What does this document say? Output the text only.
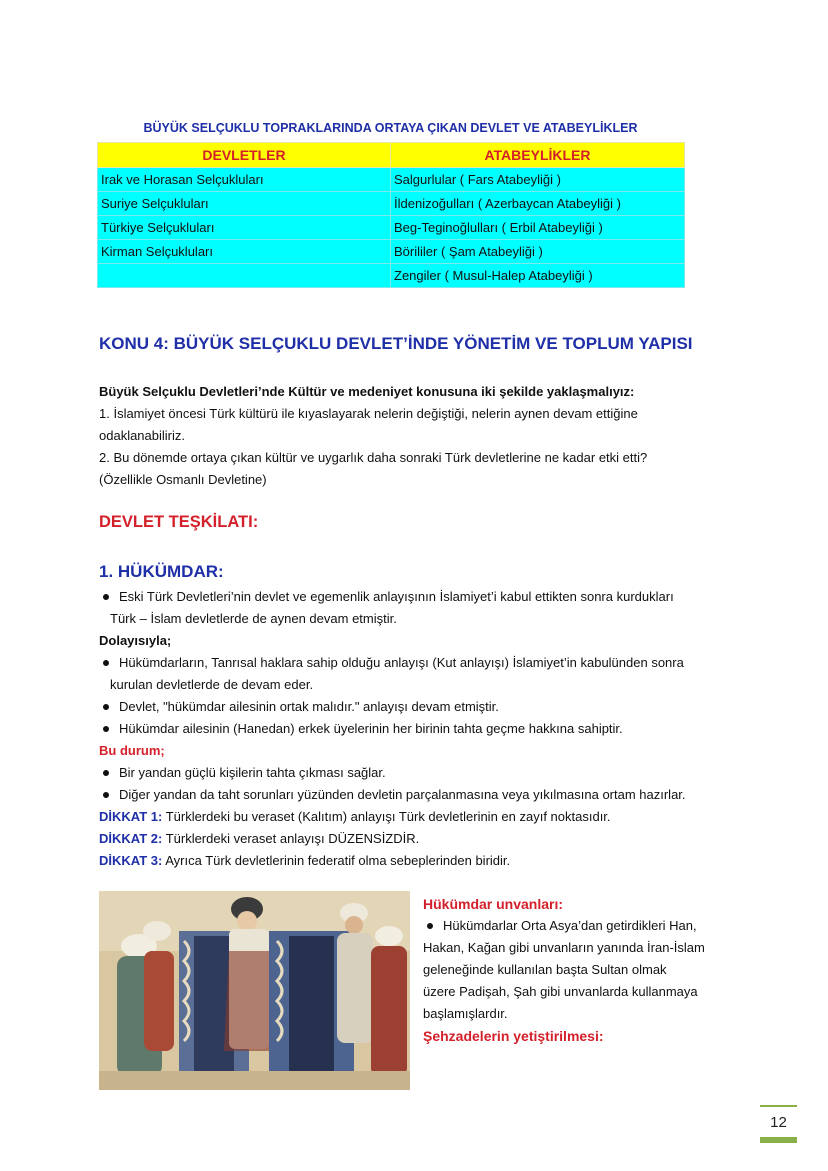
BÜYÜK SELÇUKLU TOPRAKLARINDA ORTAYA ÇIKAN DEVLET VE ATABEYLİKLER
DEVLETLER	ATABEYLİKLER
Irak ve Horasan Selçukluları	Salgurlular ( Fars Atabeyliği )
Suriye Selçukluları	İldenizoğulları ( Azerbaycan Atabeyliği )
Türkiye Selçukluları	Beg-Teginoğlulları ( Erbil Atabeyliği )
Kirman Selçukluları	Börililer ( Şam Atabeyliği )
	Zengiler ( Musul-Halep Atabeyliği )
KONU 4: BÜYÜK SELÇUKLU DEVLET’İNDE YÖNETİM VE TOPLUM YAPISI
Büyük Selçuklu Devletleri’nde Kültür ve medeniyet konusuna iki şekilde yaklaşmalıyız:
1. İslamiyet öncesi Türk kültürü ile kıyaslayarak nelerin değiştiği, nelerin aynen devam ettiğine
odaklanabiliriz.
2. Bu dönemde ortaya çıkan kültür ve uygarlık daha sonraki Türk devletlerine ne kadar etki etti?
(Özellikle Osmanlı Devletine)
DEVLET TEŞKİLATI:
1. HÜKÜMDAR:
Eski Türk Devletleri’nin devlet ve egemenlik anlayışının İslamiyet’i kabul ettikten sonra kurdukları
Türk – İslam devletlerde de aynen devam etmiştir.
Dolayısıyla;
Hükümdarların, Tanrısal haklara sahip olduğu anlayışı (Kut anlayışı) İslamiyet’in kabulünden sonra
kurulan devletlerde de devam eder.
Devlet, "hükümdar ailesinin ortak malıdır." anlayışı devam etmiştir.
Hükümdar ailesinin (Hanedan) erkek üyelerinin her birinin tahta geçme hakkına sahiptir.
Bu durum;
Bir yandan güçlü kişilerin tahta çıkması sağlar.
Diğer yandan da taht sorunları yüzünden devletin parçalanmasına veya yıkılmasına ortam hazırlar.
DİKKAT 1: Türklerdeki bu veraset (Kalıtım) anlayışı Türk devletlerinin en zayıf noktasıdır.
DİKKAT 2: Türklerdeki veraset anlayışı DÜZENSİZDİR.
DİKKAT 3: Ayrıca Türk devletlerinin federatif olma sebeplerinden biridir.
Hükümdar unvanları:
Hükümdarlar Orta Asya’dan getirdikleri Han,
Hakan, Kağan gibi unvanların yanında İran-İslam
geleneğinde kullanılan başta Sultan olmak
üzere Padişah, Şah gibi unvanlarda kullanmaya
başlamışlardır.
Şehzadelerin yetiştirilmesi:
12
